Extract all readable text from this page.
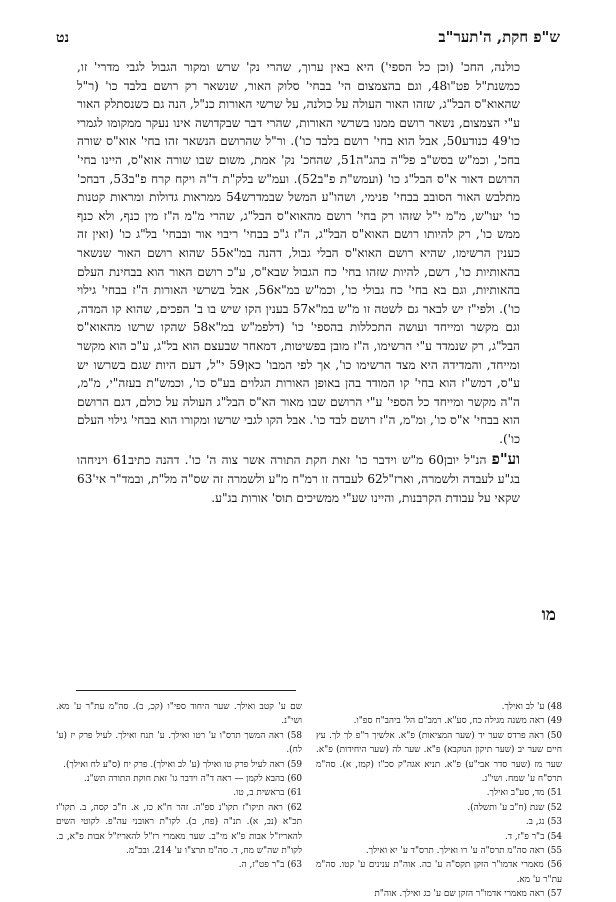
ש"פ חקת, ה'תער"ב
נט

כולנה, החכ' (וכן כל הספי') היא באין ערוך, שהרי נק' שרש ומקור הגבול לגבי מדרי' זו, כמשנת"ל פט"ו48, וגם בהצמצום הי' בבחי' סלוק האור, שנשאר רק רושם בלבד כו' (ר"ל שהאוא"ס הבל"ג, שזהו האור העולה על כולנה, על שרשי האורות כנ"ל, הנה גם כשנסתלק האור ע"י הצמצום, נשאר רושם ממנו בשרשי האורות, שהרי דבר שבקדושה אינו נעקר ממקומו לגמרי כו'49 כנודע50, אבל הוא בחי' רושם בלבד כו'). ור"ל שהרושם הנשאר זהו בחי' אוא"ס שורה בחכ', וכמ"ש בסש"ב פל"ה בהג"ה51, שהחכ' נק' אמת, משום שבו שורה אוא"ס, היינו בחי' הרושם דאור א"ס הבל"ג כו' (ועמש"ת פ"ב52). ועמ"ש בלק"ת ד"ה ויקח קרח פ"ב53, דבחכ' מתלבש האור הסובב בבחי' פנימי, ושהו"ע המשל שבמדרש54 ממראות גדולות ומראות קטנות כו' יעו"ש, מ"מ י"ל שזהו רק בחי' רושם מהאוא"ס הבל"ג, שהרי מ"מ ה"ז מין כנף, ולא כנף ממש כו', רק להיותו רושם האוא"ס הבל"ג, ה"ז ג"כ בבחי' ריבוי אור ובבחי' בל"ג כו' (ואין זה כענין הרשימו, שהיא רושם האוא"ס הבלי גבול, דהנה במ"א55 שהוא רושם האור שנשאר בהאותיות כו', דשם, להיות שזהו בחי' כח הגבול שבא"ס, ע"כ רושם האור הוא בבחינת העלם בהאותיות, וגם בא בחי' כח גבולי כו', וכמ"ש במ"א56, אבל בשרשי האורות ה"ז בבחי' גילוי כו'). ולפי"ז יש לבאר גם לשטה זו מ"ש במ"א57 בענין הקו שיש בו ב' הפכים, שהוא קו המדה, וגם מקשר ומייחד ועושה התכללות בהספי' כו' (דלפמ"ש במ"א58 שהקו שרשו מהאוא"ס הבל"ג, רק שנמדד ע"י הרשימו, ה"ז מובן בפשיטות, דמאחר שבעצם הוא בל"ג, ע"כ הוא מקשר ומייחד, והמדידה היא מצד הרשימו כו', אך לפי המבו' כאן59 י"ל, דעם היות שגם בשרשו יש ע"ס, דמש"ז הוא בחי' קו המודד בהן באופן האורות הגלוים בע"ס כו', וכמש"ת בעזה"י, מ"מ, ה"ה מקשר ומייחד כל הספי' ע"י הרושם שבו מאור הא"ס הבל"ג העולה על כולם, דגם הרושם הוא בבחי' א"ס כו', ומ"מ, ה"ז רושם לבד כו'. אבל הקו לגבי שרשו ומקורו הוא בבחי' גילוי העלם כו').

וע"פ הנ"ל יובן60 מ"ש וידבר כו' זאת חקת התורה אשר צוה ה' כו'. דהנה כתיב61 ויניחהו בג"ע לעבדה ולשמרה, וארז"ל62 לעבדה זו רמ"ח מ"ע ולשמרה זה שס"ה מל"ת, ובמד"ר אי'63 שקאי על עבודת הקרבנות, והיינו שע"י ממשיכים תוס' אורות בג"ע.

מו

48) ע' לב ואילך.

49) ראה משנה מגילה כח, סע"א. רמב"ם הל' ביהב"ח ספ"ו.

50) ראה פרדס שער יד (שער המציאות) פ"א. אלשיך ר"פ לך לך. עץ חיים שער יב (שער תיקון הנוקבא) פ"א. שער לה (שער היחידות) פ"א. שער מז (שער סדר אבי"ע) פ"א. תניא אגה"ק סכ"ז (קמז, א). סה"מ תרס"ח ע' שמח. ושי"נ.

51) מד, סע"ב ואילך.

52) שנת (ח"ב ע' ותשלה).

53) נג, ב.

54) ב"ר פ"ז, ד.

55) ראה סה"מ תרס"ה ע' רו ואילך. תרס"ד ע' יא ואילך.

56) מאמרי אדמו"ר הזקן תקס"ה ע' כה. אוה"ת ענינים ע' קטו. סה"מ עת"ר ע' מא.

57) ראה מאמרי אדמו"ר הזקן שם ע' כג ואילך. אוה"ת

שם ע' קטב ואילך. שער היחוד ספי"ו (קכ, ב). סה"מ עת"ר ע' מא. ושי"נ.

58) ראה המשך תרס"ו ע' רטו ואילך. ע' תנח ואילך. לעיל פרק יז (ע' לח).

59) ראה לעיל פרק טו ואילך (ע' לב ואילך). פרק יח (ס"ע לח ואילך).

60) בהבא לקמן — ראה ד"ה וידבר גו' זאת חוקת התורה תש"נ.

61) בראשית ב, טו.

62) ראה תיקו"ז תקו"נ ספ"ה. זהר ח"א כז, א. ח"ב קסה, ב. תקו"ז תכ"א (נב, א). תנ"ה (פח, ב). לקו"ת ראובני עה"פ. לקוטי השים להאריז"ל אבות פ"א מי"ב. שער מאמרי רז"ל להאריז"ל אבות פ"א, ב. לקו"ת שה"ש מח, ד. סה"מ תרצ"ו ע' 214. ובכ"מ.

63) ב"ר פט"ז, ה.
